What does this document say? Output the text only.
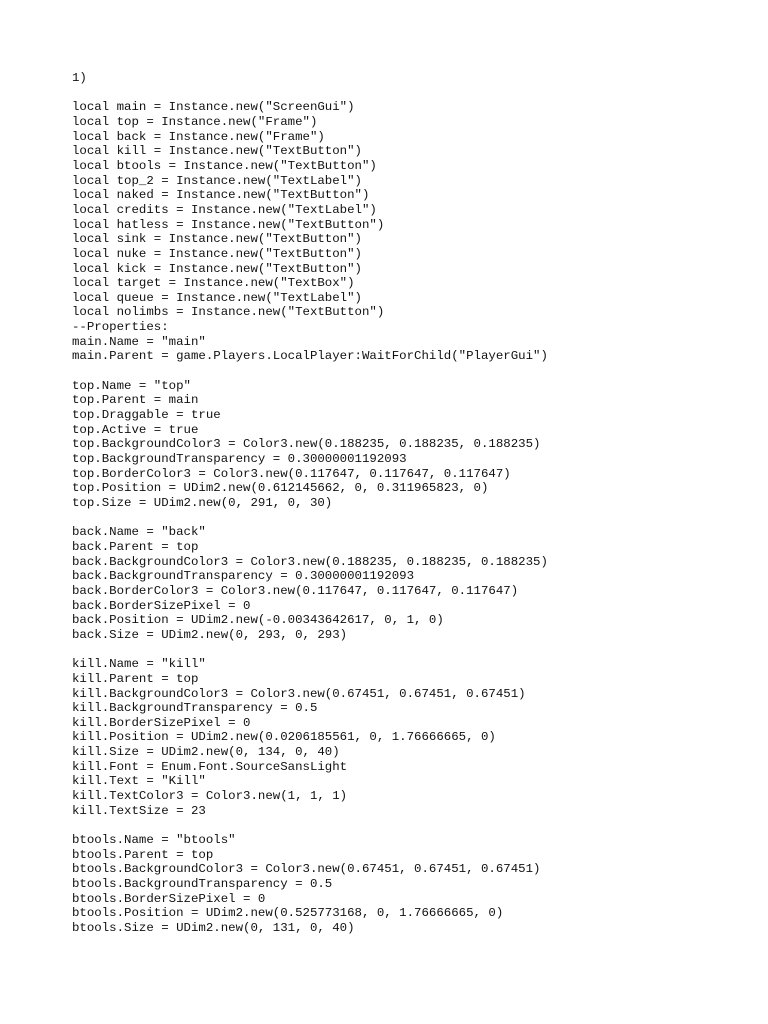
1)
local main = Instance.new("ScreenGui")
local top = Instance.new("Frame")
local back = Instance.new("Frame")
local kill = Instance.new("TextButton")
local btools = Instance.new("TextButton")
local top_2 = Instance.new("TextLabel")
local naked = Instance.new("TextButton")
local credits = Instance.new("TextLabel")
local hatless = Instance.new("TextButton")
local sink = Instance.new("TextButton")
local nuke = Instance.new("TextButton")
local kick = Instance.new("TextButton")
local target = Instance.new("TextBox")
local queue = Instance.new("TextLabel")
local nolimbs = Instance.new("TextButton")
--Properties:
main.Name = "main"
main.Parent = game.Players.LocalPlayer:WaitForChild("PlayerGui")
top.Name = "top"
top.Parent = main
top.Draggable = true
top.Active = true
top.BackgroundColor3 = Color3.new(0.188235, 0.188235, 0.188235)
top.BackgroundTransparency = 0.30000001192093
top.BorderColor3 = Color3.new(0.117647, 0.117647, 0.117647)
top.Position = UDim2.new(0.612145662, 0, 0.311965823, 0)
top.Size = UDim2.new(0, 291, 0, 30)
back.Name = "back"
back.Parent = top
back.BackgroundColor3 = Color3.new(0.188235, 0.188235, 0.188235)
back.BackgroundTransparency = 0.30000001192093
back.BorderColor3 = Color3.new(0.117647, 0.117647, 0.117647)
back.BorderSizePixel = 0
back.Position = UDim2.new(-0.00343642617, 0, 1, 0)
back.Size = UDim2.new(0, 293, 0, 293)
kill.Name = "kill"
kill.Parent = top
kill.BackgroundColor3 = Color3.new(0.67451, 0.67451, 0.67451)
kill.BackgroundTransparency = 0.5
kill.BorderSizePixel = 0
kill.Position = UDim2.new(0.0206185561, 0, 1.76666665, 0)
kill.Size = UDim2.new(0, 134, 0, 40)
kill.Font = Enum.Font.SourceSansLight
kill.Text = "Kill"
kill.TextColor3 = Color3.new(1, 1, 1)
kill.TextSize = 23
btools.Name = "btools"
btools.Parent = top
btools.BackgroundColor3 = Color3.new(0.67451, 0.67451, 0.67451)
btools.BackgroundTransparency = 0.5
btools.BorderSizePixel = 0
btools.Position = UDim2.new(0.525773168, 0, 1.76666665, 0)
btools.Size = UDim2.new(0, 131, 0, 40)
